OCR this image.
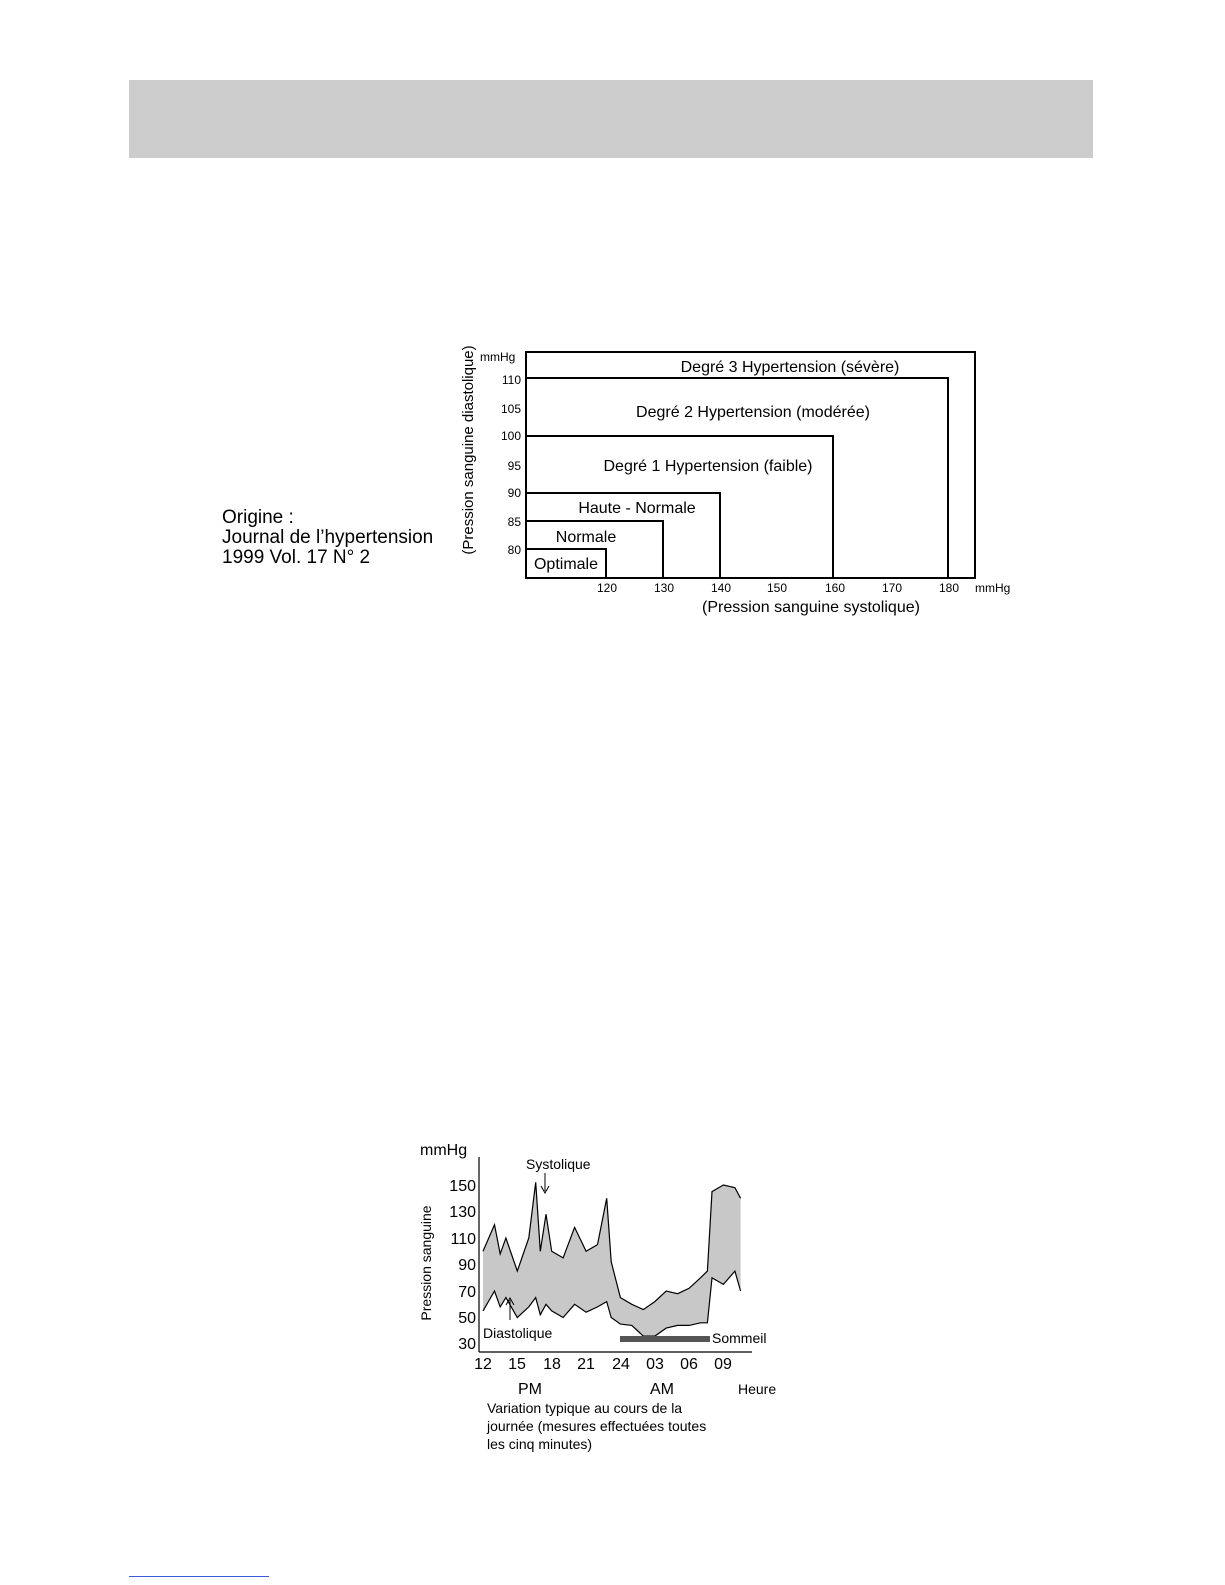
Origine :
Journal de l’hypertension
1999 Vol. 17 N° 2
(Pression sanguine diastolique) mmHg
Degré 3 Hypertension (sévère)
Degré 2 Hypertension (modérée)
Degré 1 Hypertension (faible)
Haute - Normale
Normale
Optimale
110
105
100
95
90
85
80
120	130	140	150	160	170	180 mmHg
(Pression sanguine systolique)
mmHg
Pression sanguine
150
130
110
90
70
50
30	Sommeil
Systolique
Diastolique
12 15 18 21 24 03 06 09
PM	AM	Heure
Variation typique au cours de la
journée (mesures effectuées toutes
les cinq minutes)
